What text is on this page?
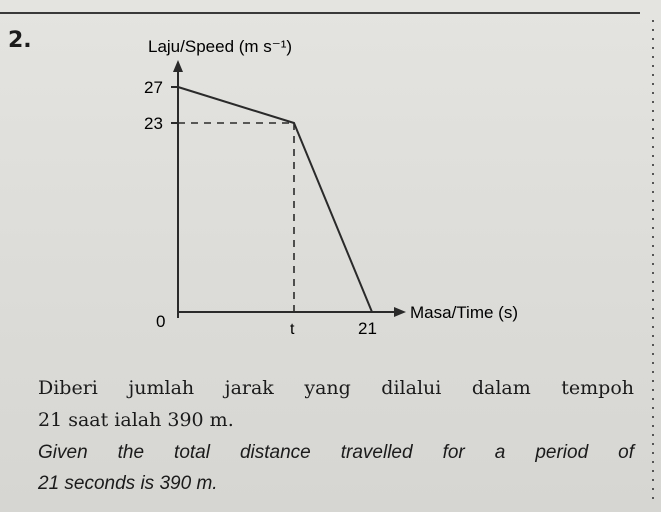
2.	Laju/Speed (m s⁻¹)
27
23
0	t	21
Masa/Time (s)
Diberi jumlah jarak yang dilalui dalam tempoh
21 saat ialah 390 m.
Given the total distance travelled for a period of
21 seconds is 390 m.
